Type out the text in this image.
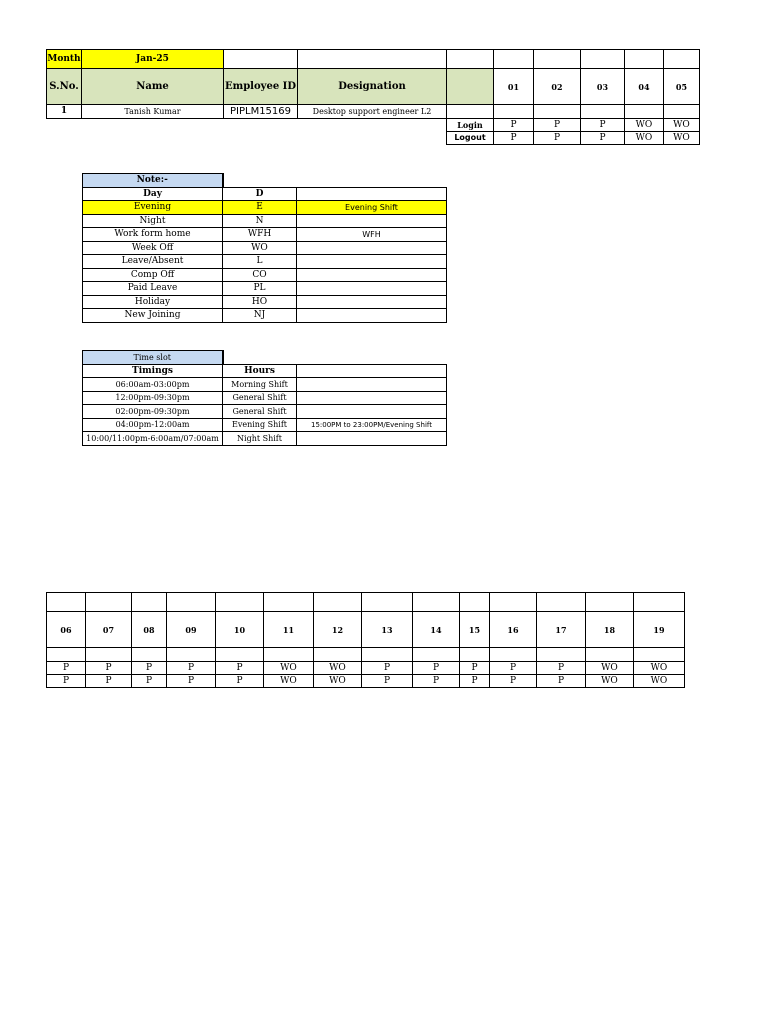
Month	Jan-25								
S.No.	Name	Employee ID	Designation		01	02	03	04	05
1	Tanish Kumar	PIPLM15169	Desktop support engineer L2						
				Login	P	P	P	WO	WO
				Logout	P	P	P	WO	WO
Note:-		
Day	D	
Evening	E	Evening Shift
Night	N	
Work form home	WFH	WFH
Week Off	WO	
Leave/Absent	L	
Comp Off	CO	
Paid Leave	PL	
Holiday	HO	
New Joining	NJ	
Time slot		
Timings	Hours	
06:00am-03:00pm	Morning Shift	
12:00pm-09:30pm	General Shift	
02:00pm-09:30pm	General Shift	
04:00pm-12:00am	Evening Shift	15:00PM to 23:00PM/Evening Shift
10:00/11:00pm-6:00am/07:00am	Night Shift	

06	07	08	09	10	11	12	13	14	15	16	17	18	19

P	P	P	P	P	WO	WO	P	P	P	P	P	WO	WO
P	P	P	P	P	WO	WO	P	P	P	P	P	WO	WO
